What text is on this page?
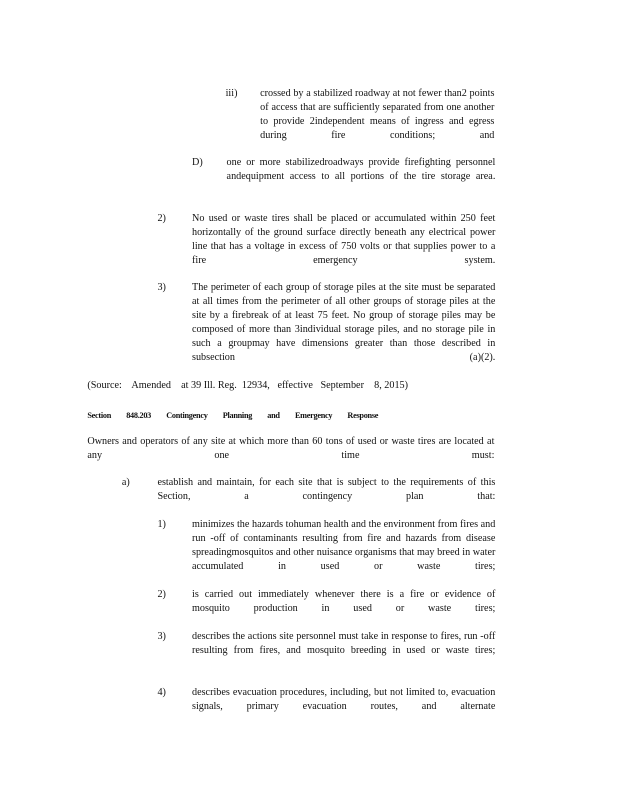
iii) crossed by a stabilized roadway at not fewer than2 points of access that are sufficiently separated from one another to provide 2independent means of ingress and egress during fire conditions; and
D) one or more stabilizedroadways provide firefighting personnel andequipment access to all portions of the tire storage area.
2) No used or waste tires shall be placed or accumulated within 250 feet horizontally of the ground surface directly beneath any electrical power line that has a voltage in excess of 750 volts or that supplies power to a fire emergency system.
3) The perimeter of each group of storage piles at the site must be separated at all times from the perimeter of all other groups of storage piles at the site by a firebreak of at least 75 feet. No group of storage piles may be composed of more than 3individual storage piles, and no storage pile in such a groupmay have dimensions greater than those described in subsection (a)(2).
(Source:    Amended    at 39 Ill. Reg.  12934,   effective   September    8, 2015)
Section 848.203 Contingency Planning and Emergency Response
Owners and operators of any site at which more than 60 tons of used or waste tires are located at any one time must:
a)	establish and maintain, for each site that is subject to the requirements of this Section, a contingency plan that:
1) minimizes the hazards tohuman health and the environment from fires and run -off of contaminants resulting from fire and hazards from disease spreadingmosquitos and other nuisance organisms that may breed in water accumulated in used or waste tires;
2) is carried out immediately whenever there is a fire or evidence of mosquito production in used or waste tires;
3) describes the actions site personnel must take in response to fires, run -off resulting from fires, and mosquito breeding in used or waste tires;
4) describes evacuation procedures, including, but not limited to, evacuation signals, primary evacuation routes, and alternate
